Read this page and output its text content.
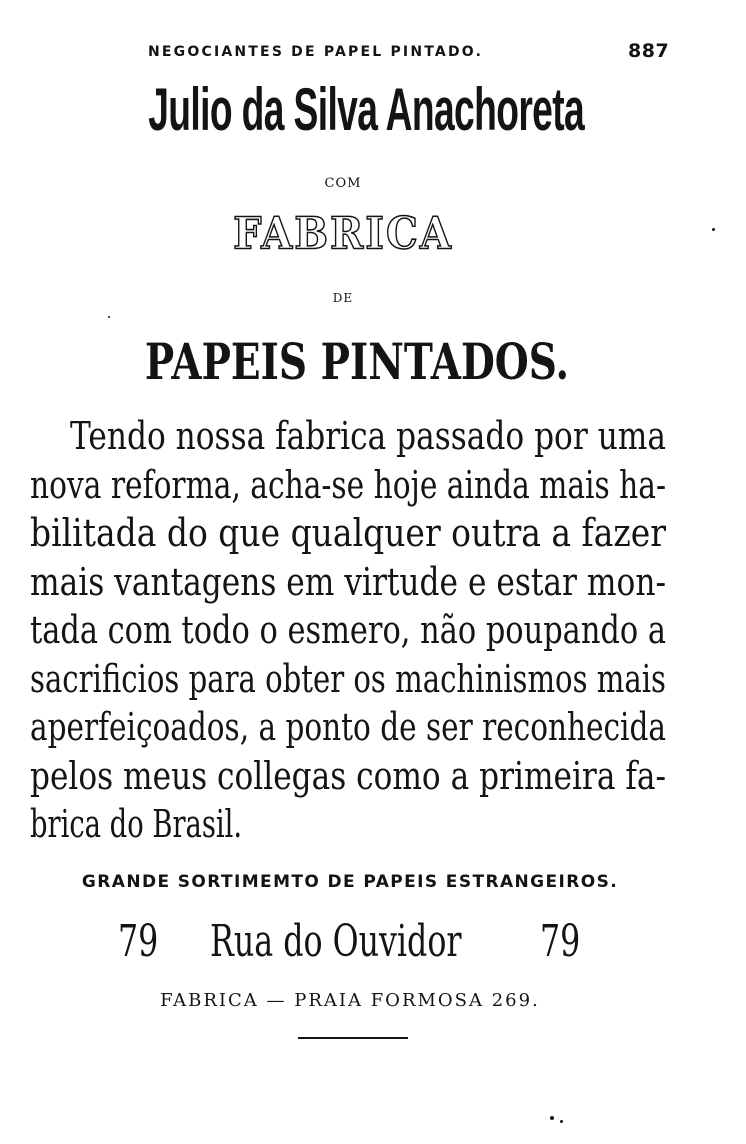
NEGOCIANTES DE PAPEL PINTADO.	887
Julio da Silva Anachoreta
COM
FABRICA
DE
PAPEIS PINTADOS.
Tendo nossa fabrica passado por uma
nova reforma, acha-se hoje ainda mais ha-
bilitada do que qualquer outra a fazer
mais vantagens em virtude e estar mon-
tada com todo o esmero, não poupando a
sacrificios para obter os machinismos mais
aperfeiçoados, a ponto de ser reconhecida
pelos meus collegas como a primeira fa-
brica do Brasil.
GRANDE SORTIMEMTO DE PAPEIS ESTRANGEIROS.
79 Rua do Ouvidor 79
FABRICA — PRAIA FORMOSA 269.
